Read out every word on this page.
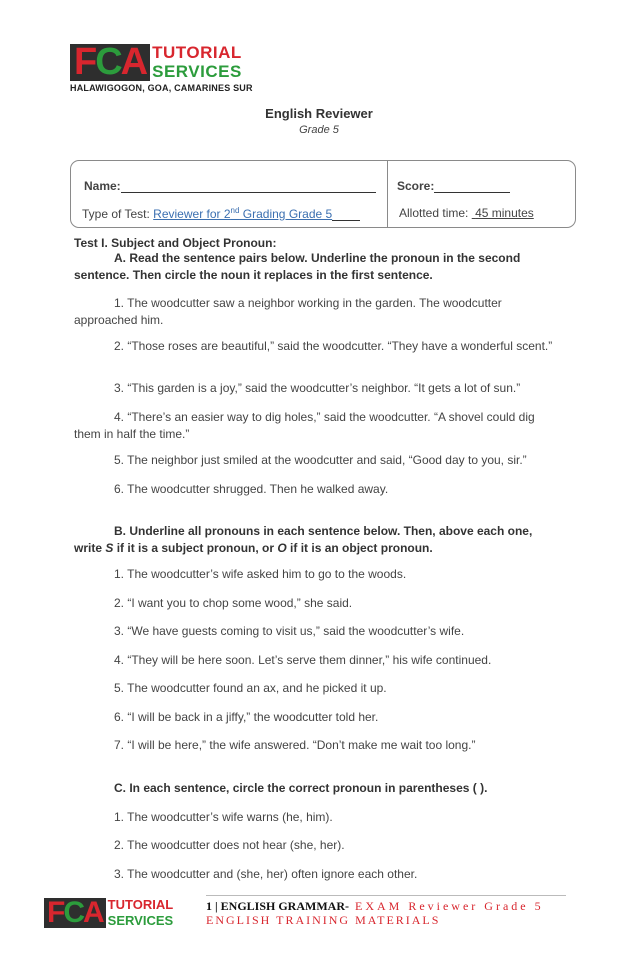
F C A TUTORIAL
SERVICES
HALAWIGOGON, GOA, CAMARINES SUR
English Reviewer
Grade 5
Name:	Score:
Type of Test: Reviewer for 2nd Grading Grade 5	Allotted time: 45 minutes
Test I. Subject and Object Pronoun:
A. Read the sentence pairs below. Underline the pronoun in the second sentence. Then circle the noun it replaces in the first sentence.
1. The woodcutter saw a neighbor working in the garden. The woodcutter approached him.
2. “Those roses are beautiful,” said the woodcutter. “They have a wonderful scent.”
3. “This garden is a joy,” said the woodcutter’s neighbor. “It gets a lot of sun.”
4. “There’s an easier way to dig holes,” said the woodcutter. “A shovel could dig them in half the time.”
5. The neighbor just smiled at the woodcutter and said, “Good day to you, sir.”
6. The woodcutter shrugged. Then he walked away.
B. Underline all pronouns in each sentence below. Then, above each one, write S if it is a subject pronoun, or O if it is an object pronoun.
1. The woodcutter’s wife asked him to go to the woods.
2. “I want you to chop some wood,” she said.
3. “We have guests coming to visit us,” said the woodcutter’s wife.
4. “They will be here soon. Let’s serve them dinner,” his wife continued.
5. The woodcutter found an ax, and he picked it up.
6. “I will be back in a jiffy,” the woodcutter told her.
7. “I will be here,” the wife answered. “Don’t make me wait too long.”
C. In each sentence, circle the correct pronoun in parentheses ( ).
1. The woodcutter’s wife warns (he, him).
2. The woodcutter does not hear (she, her).
3. The woodcutter and (she, her) often ignore each other.
FCA TUTORIAL
SERVICES
1 | ENGLISH GRAMMAR- EXAM Reviewer Grade 5
ENGLISH TRAINING MATERIALS
